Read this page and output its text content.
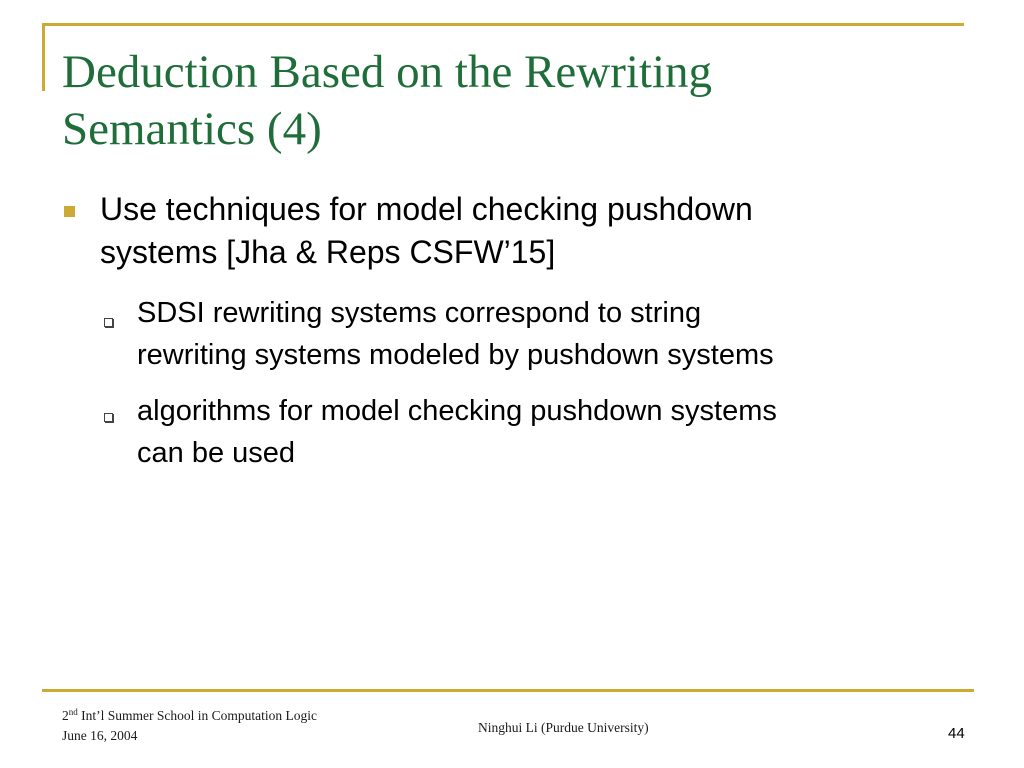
Deduction Based on the Rewriting
Semantics (4)
Use techniques for model checking pushdown
systems [Jha & Reps CSFW’15]
SDSI rewriting systems correspond to string
rewriting systems modeled by pushdown systems
algorithms for model checking pushdown systems
can be used
2nd Int’l Summer School in Computation Logic
June 16, 2004
Ninghui Li (Purdue University)	44
